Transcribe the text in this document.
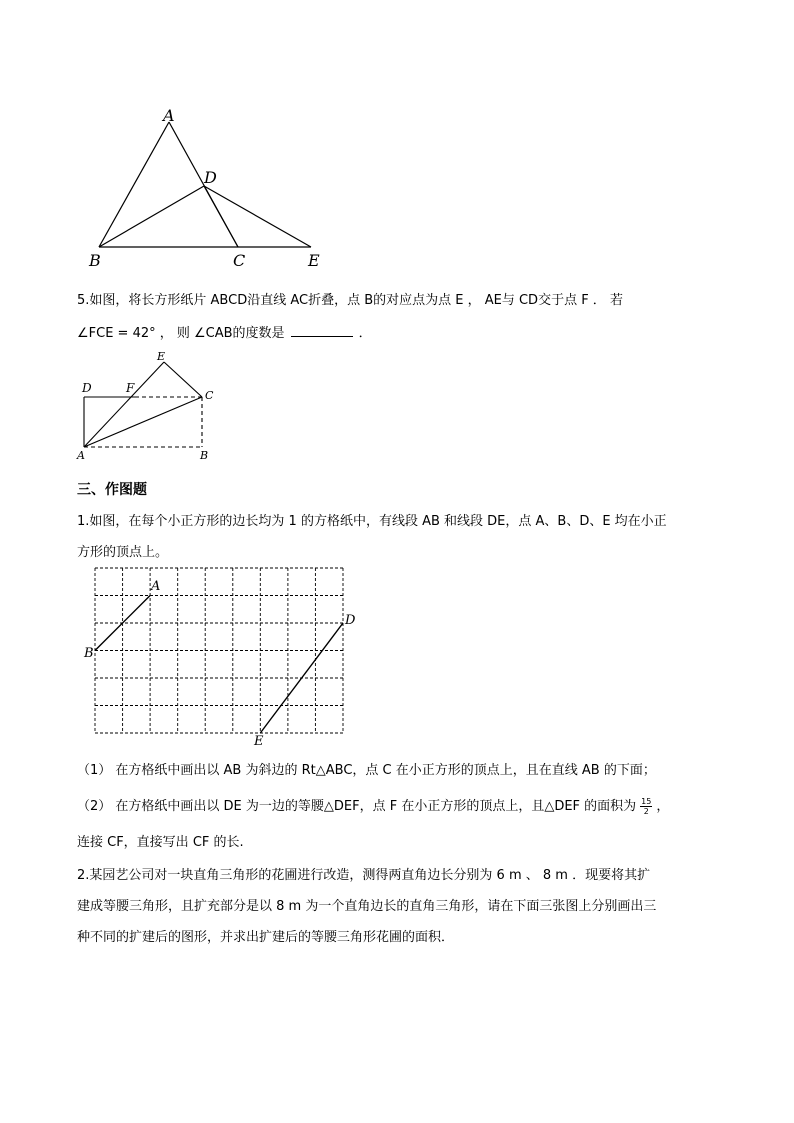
A
D
B	C	E
5.如图，将长方形纸片 ABCD沿直线 AC折叠，点 B的对应点为点 E ， AE与 CD交于点 F ． 若
∠FCE = 42° ， 则 ∠CAB的度数是	．
E
D	F
C
A	B
三、作图题
1.如图，在每个小正方形的边长均为 1 的方格纸中，有线段 AB 和线段 DE，点 A、B、D、E 均在小正
方形的顶点上。
A
B
D
E
（1） 在方格纸中画出以 AB 为斜边的 Rt△ABC，点 C 在小正方形的顶点上，且在直线 AB 的下面；
（2） 在方格纸中画出以 DE 为一边的等腰△DEF，点 F 在小正方形的顶点上，且△DEF 的面积为 $\frac{15}{2}$ ，
连接 CF，直接写出 CF 的长.
2.某园艺公司对一块直角三角形的花圃进行改造，测得两直角边长分别为 6 m 、 8 m ．现要将其扩
建成等腰三角形，且扩充部分是以 8 m 为一个直角边长的直角三角形，请在下面三张图上分别画出三
种不同的扩建后的图形，并求出扩建后的等腰三角形花圃的面积．
